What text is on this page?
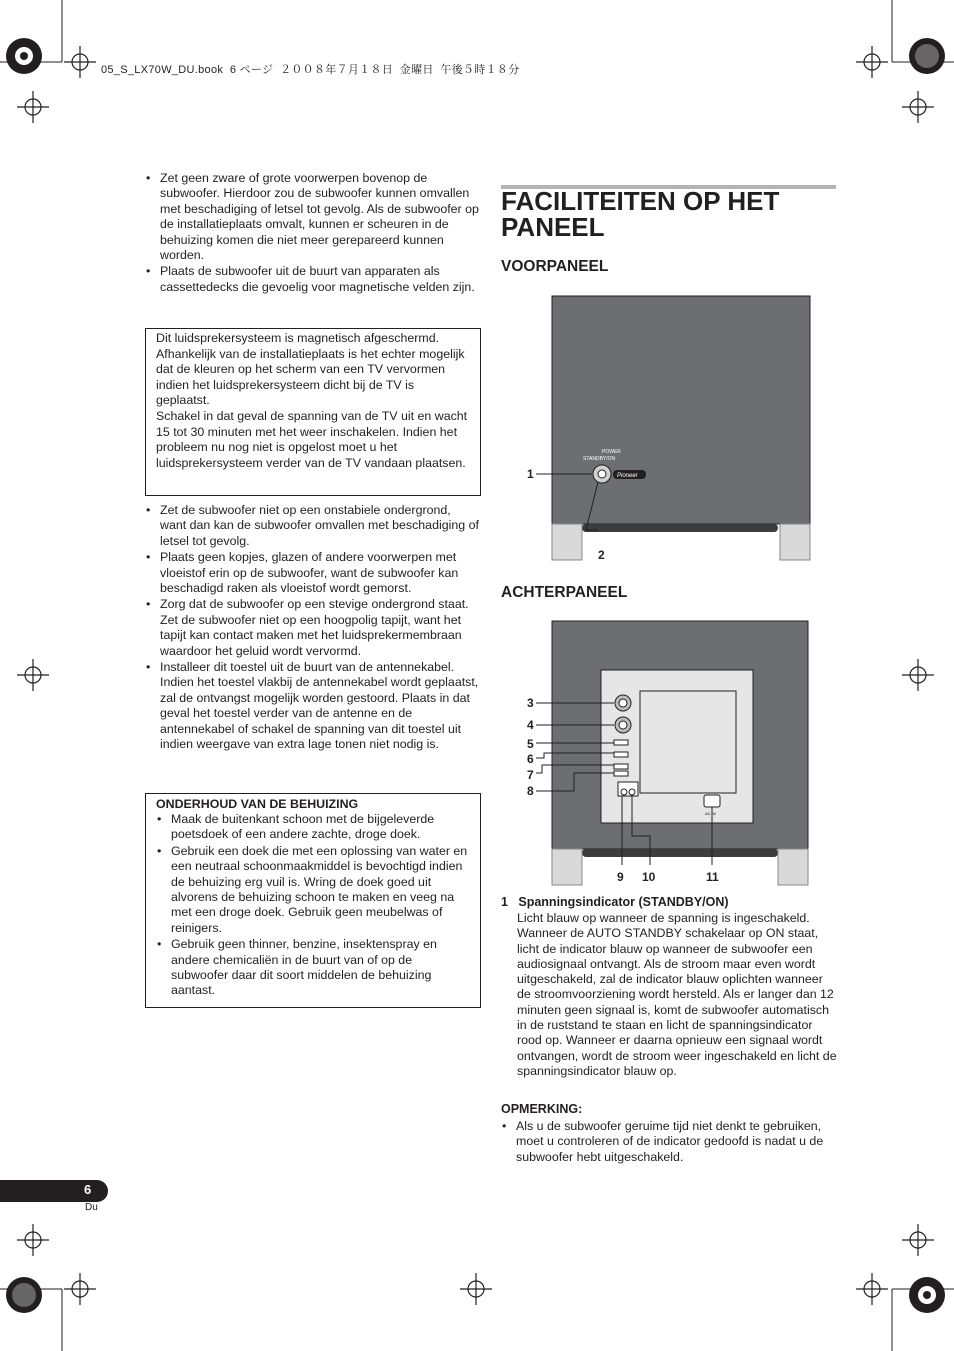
05_S_LX70W_DU.book  6 ページ  ２００８年７月１８日  金曜日  午後５時１８分
• Zet geen zware of grote voorwerpen bovenop de subwoofer. Hierdoor zou de subwoofer kunnen omvallen met beschadiging of letsel tot gevolg. Als de subwoofer op de installatieplaats omvalt, kunnen er scheuren in de behuizing komen die niet meer gerepareerd kunnen worden.
• Plaats de subwoofer uit de buurt van apparaten als cassettedecks die gevoelig voor magnetische velden zijn.

Dit luidsprekersysteem is magnetisch afgeschermd. Afhankelijk van de installatieplaats is het echter mogelijk dat de kleuren op het scherm van een TV vervormen indien het luidsprekersysteem dicht bij de TV is geplaatst.

Schakel in dat geval de spanning van de TV uit en wacht 15 tot 30 minuten met het weer inschakelen. Indien het probleem nu nog niet is opgelost moet u het luidsprekersysteem verder van de TV vandaan plaatsen.

• Zet de subwoofer niet op een onstabiele ondergrond, want dan kan de subwoofer omvallen met beschadiging of letsel tot gevolg.
• Plaats geen kopjes, glazen of andere voorwerpen met vloeistof erin op de subwoofer, want de subwoofer kan beschadigd raken als vloeistof wordt gemorst.
• Zorg dat de subwoofer op een stevige ondergrond staat. Zet de subwoofer niet op een hoogpolig tapijt, want het tapijt kan contact maken met het luidsprekermembraan waardoor het geluid wordt vervormd.
• Installeer dit toestel uit de buurt van de antennekabel. Indien het toestel vlakbij de antennekabel wordt geplaatst, zal de ontvangst mogelijk worden gestoord. Plaats in dat geval het toestel verder van de antenne en de antennekabel of schakel de spanning van dit toestel uit indien weergave van extra lage tonen niet nodig is.
ONDERHOUD VAN DE BEHUIZING
• Maak de buitenkant schoon met de bijgeleverde poetsdoek of een andere zachte, droge doek.
• Gebruik een doek die met een oplossing van water en een neutraal schoonmaakmiddel is bevochtigd indien de behuizing erg vuil is. Wring de doek goed uit alvorens de behuizing schoon te maken en veeg na met een droge doek. Gebruik geen meubelwas of reinigers.
• Gebruik geen thinner, benzine, insektenspray en andere chemicaliën in de buurt van of op de subwoofer daar dit soort middelen de behuizing aantast.
FACILITEITEN OP HET PANEEL
VOORPANEEL
POWER
STANDBY/ON
Pioneer
1
2
ACHTERPANEEL
AC IN
3
4
5
6
7
8
9 10	11
1   Spanningsindicator (STANDBY/ON)
Licht blauw op wanneer de spanning is ingeschakeld. Wanneer de AUTO STANDBY schakelaar op ON staat, licht de indicator blauw op wanneer de subwoofer een audiosignaal ontvangt. Als de stroom maar even wordt uitgeschakeld, zal de indicator blauw oplichten wanneer de stroomvoorziening wordt hersteld. Als er langer dan 12 minuten geen signaal is, komt de subwoofer automatisch in de ruststand te staan en licht de spanningsindicator rood op. Wanneer er daarna opnieuw een signaal wordt ontvangen, wordt de stroom weer ingeschakeld en licht de spanningsindicator blauw op.
OPMERKING:
• Als u de subwoofer geruime tijd niet denkt te gebruiken, moet u controleren of de indicator gedoofd is nadat u de subwoofer hebt uitgeschakeld.
6
Du
